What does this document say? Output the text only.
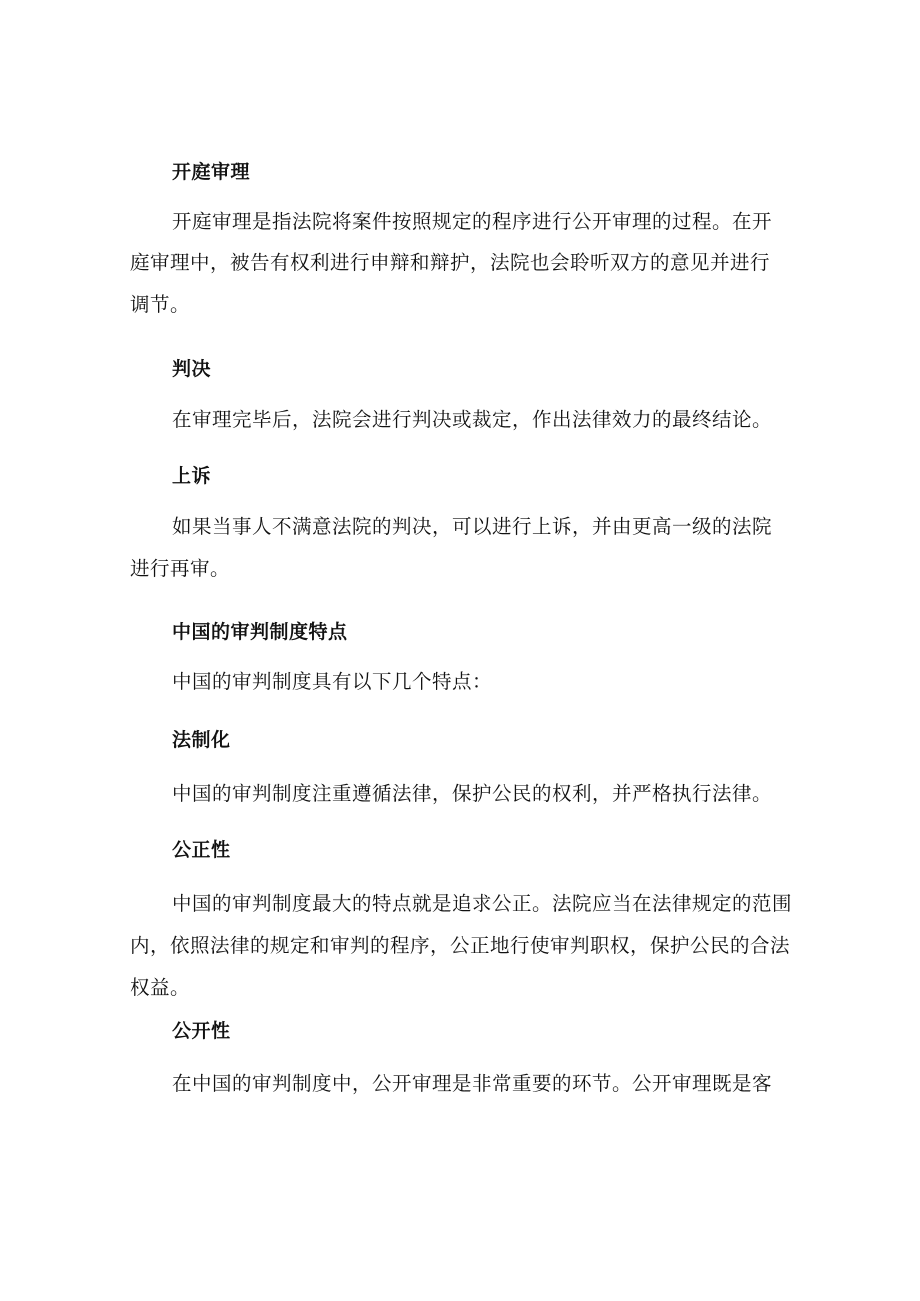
开庭审理
开庭审理是指法院将案件按照规定的程序进行公开审理的过程。在开
庭审理中，被告有权利进行申辩和辩护，法院也会聆听双方的意见并进行
调节。
判决
在审理完毕后，法院会进行判决或裁定，作出法律效力的最终结论。
上诉
如果当事人不满意法院的判决，可以进行上诉，并由更高一级的法院
进行再审。
中国的审判制度特点
中国的审判制度具有以下几个特点：
法制化
中国的审判制度注重遵循法律，保护公民的权利，并严格执行法律。
公正性
中国的审判制度最大的特点就是追求公正。法院应当在法律规定的范围
内，依照法律的规定和审判的程序，公正地行使审判职权，保护公民的合法
权益。
公开性
在中国的审判制度中，公开审理是非常重要的环节。公开审理既是客
